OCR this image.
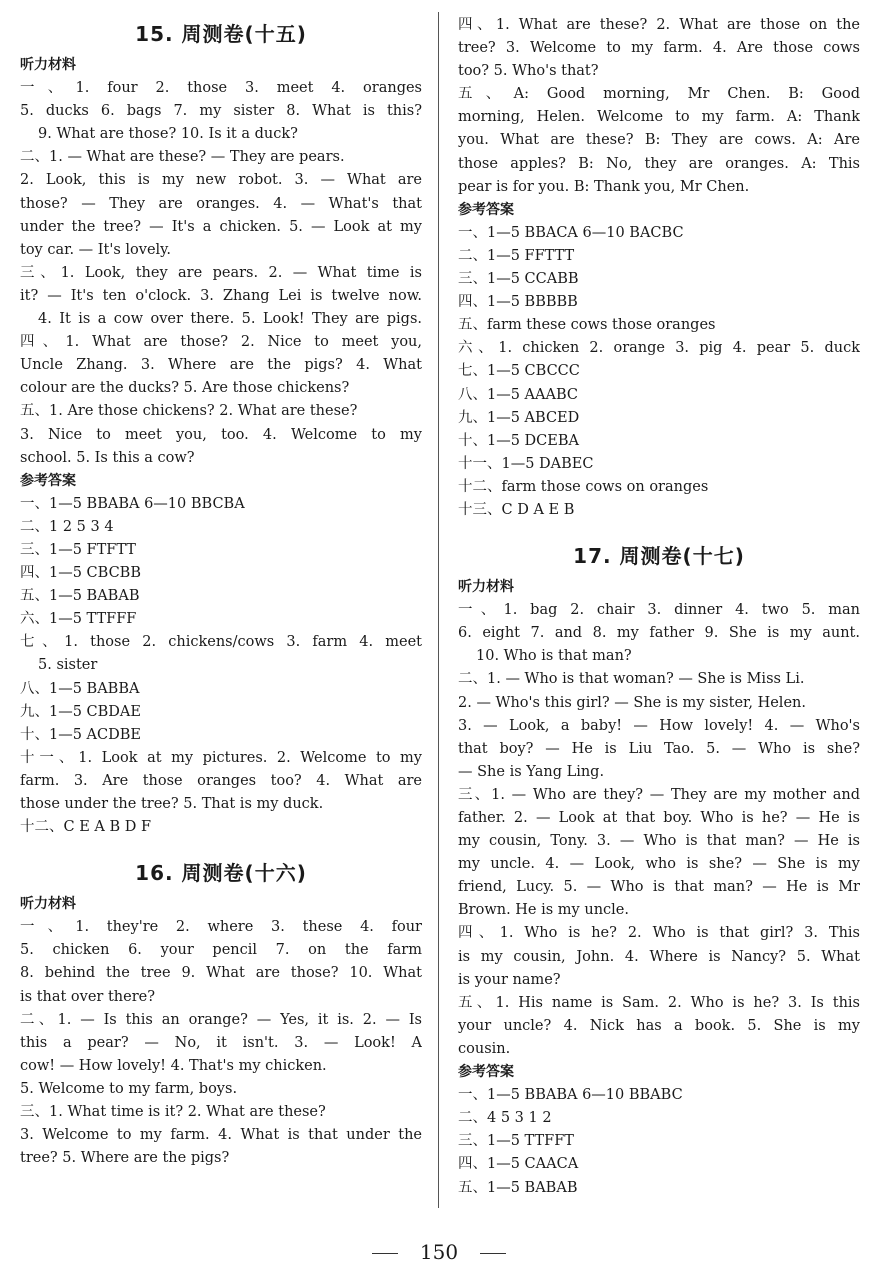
15. 周测卷(十五)
听力材料
一、1. four 2. those 3. meet 4. oranges
5. ducks 6. bags 7. my sister 8. What is this?
9. What are those? 10. Is it a duck?
二、1. — What are these? — They are pears.
2. Look, this is my new robot. 3. — What are
those? — They are oranges. 4. — What's that
under the tree? — It's a chicken. 5. — Look at my
toy car. — It's lovely.
三、1. Look, they are pears. 2. — What time is
it? — It's ten o'clock. 3. Zhang Lei is twelve now.
4. It is a cow over there. 5. Look! They are pigs.
四、1. What are those? 2. Nice to meet you,
Uncle Zhang. 3. Where are the pigs? 4. What
colour are the ducks? 5. Are those chickens?
五、1. Are those chickens? 2. What are these?
3. Nice to meet you, too. 4. Welcome to my
school. 5. Is this a cow?
参考答案
一、1—5 BBABA 6—10 BBCBA
二、1 2 5 3 4
三、1—5 FTFTT
四、1—5 CBCBB
五、1—5 BABAB
六、1—5 TTFFF
七、1. those 2. chickens/cows 3. farm 4. meet
5. sister
八、1—5 BABBA
九、1—5 CBDAE
十、1—5 ACDBE
十一、1. Look at my pictures. 2. Welcome to my
farm. 3. Are those oranges too? 4. What are
those under the tree? 5. That is my duck.
十二、C E A B D F
16. 周测卷(十六)
听力材料
一、1. they're 2. where 3. these 4. four
5. chicken 6. your pencil 7. on the farm
8. behind the tree 9. What are those? 10. What
is that over there?
二、1. — Is this an orange? — Yes, it is. 2. — Is
this a pear? — No, it isn't. 3. — Look! A
cow! — How lovely! 4. That's my chicken.
5. Welcome to my farm, boys.
三、1. What time is it? 2. What are these?
3. Welcome to my farm. 4. What is that under the
tree? 5. Where are the pigs?
四、1. What are these? 2. What are those on the
tree? 3. Welcome to my farm. 4. Are those cows
too? 5. Who's that?
五、A: Good morning, Mr Chen. B: Good
morning, Helen. Welcome to my farm. A: Thank
you. What are these? B: They are cows. A: Are
those apples? B: No, they are oranges. A: This
pear is for you. B: Thank you, Mr Chen.
参考答案
一、1—5 BBACA 6—10 BACBC
二、1—5 FFTTT
三、1—5 CCABB
四、1—5 BBBBB
五、farm these cows those oranges
六、1. chicken 2. orange 3. pig 4. pear 5. duck
七、1—5 CBCCC
八、1—5 AAABC
九、1—5 ABCED
十、1—5 DCEBA
十一、1—5 DABEC
十二、farm those cows on oranges
十三、C D A E B
17. 周测卷(十七)
听力材料
一、1. bag 2. chair 3. dinner 4. two 5. man
6. eight 7. and 8. my father 9. She is my aunt.
10. Who is that man?
二、1. — Who is that woman? — She is Miss Li.
2. — Who's this girl? — She is my sister, Helen.
3. — Look, a baby! — How lovely! 4. — Who's
that boy? — He is Liu Tao. 5. — Who is she?
— She is Yang Ling.
三、1. — Who are they? — They are my mother and
father. 2. — Look at that boy. Who is he? — He is
my cousin, Tony. 3. — Who is that man? — He is
my uncle. 4. — Look, who is she? — She is my
friend, Lucy. 5. — Who is that man? — He is Mr
Brown. He is my uncle.
四、1. Who is he? 2. Who is that girl? 3. This
is my cousin, John. 4. Where is Nancy? 5. What
is your name?
五、1. His name is Sam. 2. Who is he? 3. Is this
your uncle? 4. Nick has a book. 5. She is my
cousin.
参考答案
一、1—5 BBABA 6—10 BBABC
二、4 5 3 1 2
三、1—5 TTFFT
四、1—5 CAACA
五、1—5 BABAB
150
